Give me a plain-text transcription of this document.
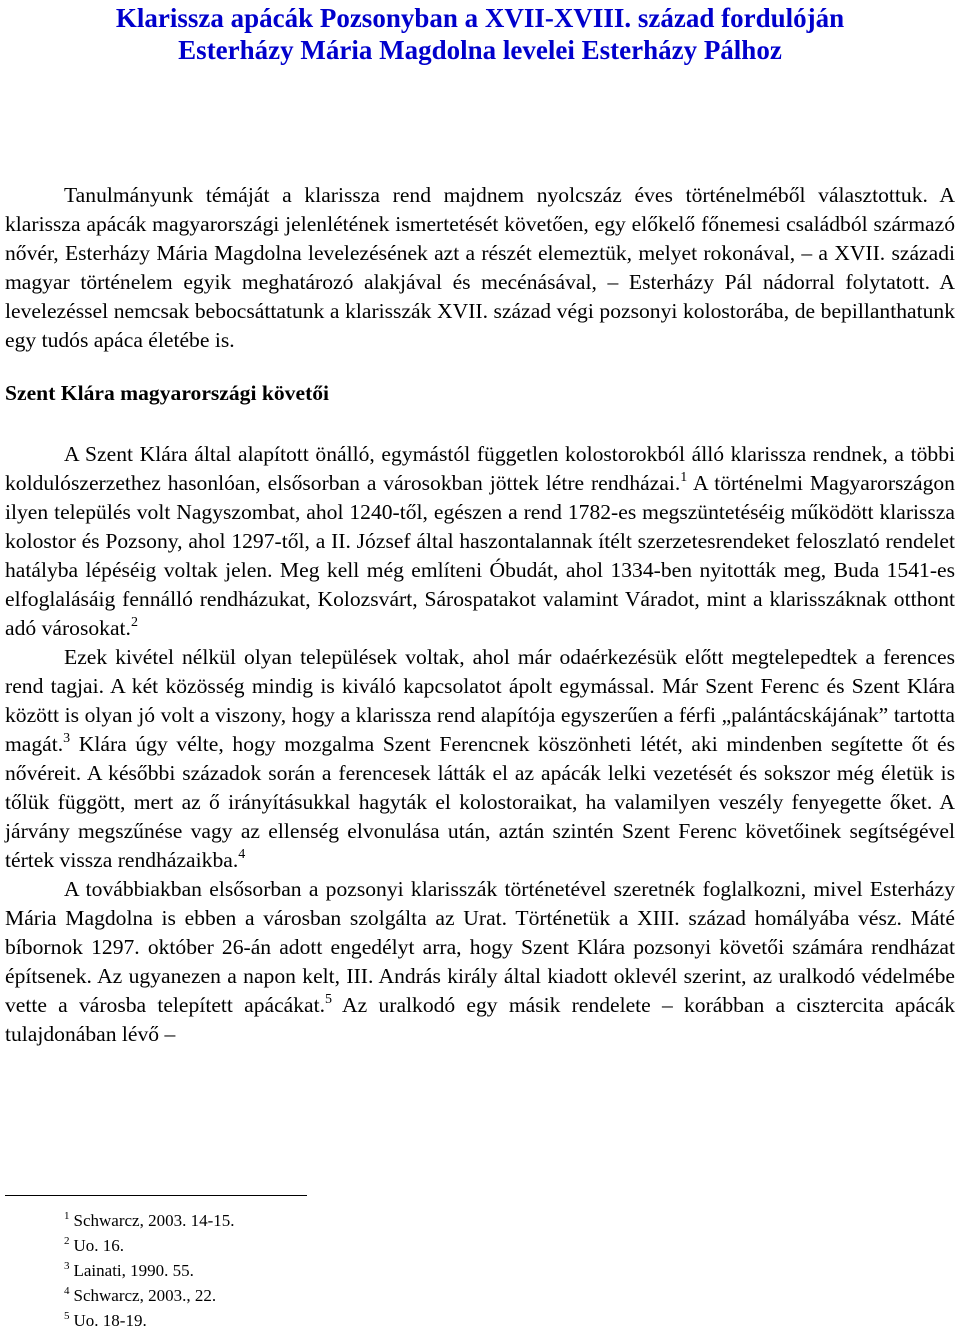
Klarissza apácák Pozsonyban a XVII-XVIII. század fordulóján
Esterházy Mária Magdolna levelei Esterházy Pálhoz

Tanulmányunk témáját a klarissza rend majdnem nyolcszáz éves történelméből választottuk. A klarissza apácák magyarországi jelenlétének ismertetését követően, egy előkelő főnemesi családból származó nővér, Esterházy Mária Magdolna levelezésének azt a részét elemeztük, melyet rokonával, – a XVII. századi magyar történelem egyik meghatározó alakjával és mecénásával, – Esterházy Pál nádorral folytatott. A levelezéssel nemcsak bebocsáttatunk a klarisszák XVII. század végi pozsonyi kolostorába, de bepillanthatunk egy tudós apáca életébe is.

Szent Klára magyarországi követői

A Szent Klára által alapított önálló, egymástól független kolostorokból álló klarissza rendnek, a többi koldulószerzethez hasonlóan, elsősorban a városokban jöttek létre rendházai.$^1$ A történelmi Magyarországon ilyen település volt Nagyszombat, ahol 1240-től, egészen a rend 1782-es megszüntetéséig működött klarissza kolostor és Pozsony, ahol 1297-től, a II. József által haszontalannak ítélt szerzetesrendeket feloszlató rendelet hatályba lépéséig voltak jelen. Meg kell még említeni Óbudát, ahol 1334-ben nyitották meg, Buda 1541-es elfoglalásáig fennálló rendházukat, Kolozsvárt, Sárospatakot valamint Váradot, mint a klarisszáknak otthont adó városokat.$^2$

Ezek kivétel nélkül olyan települések voltak, ahol már odaérkezésük előtt megtelepedtek a ferences rend tagjai. A két közösség mindig is kiváló kapcsolatot ápolt egymással. Már Szent Ferenc és Szent Klára között is olyan jó volt a viszony, hogy a klarissza rend alapítója egyszerűen a férfi „palántácskájának” tartotta magát.$^3$ Klára úgy vélte, hogy mozgalma Szent Ferencnek köszönheti létét, aki mindenben segítette őt és nővéreit. A későbbi századok során a ferencesek látták el az apácák lelki vezetését és sokszor még életük is tőlük függött, mert az ő irányításukkal hagyták el kolostoraikat, ha valamilyen veszély fenyegette őket. A járvány megszűnése vagy az ellenség elvonulása után, aztán szintén Szent Ferenc követőinek segítségével tértek vissza rendházaikba.$^4$

A továbbiakban elsősorban a pozsonyi klarisszák történetével szeretnék foglalkozni, mivel Esterházy Mária Magdolna is ebben a városban szolgálta az Urat. Történetük a XIII. század homályába vész. Máté bíbornok 1297. október 26-án adott engedélyt arra, hogy Szent Klára pozsonyi követői számára rendházat építsenek. Az ugyanezen a napon kelt, III. András király által kiadott oklevél szerint, az uralkodó védelmébe vette a városba telepített apácákat.$^5$ Az uralkodó egy másik rendelete – korábban a cisztercita apácák tulajdonában lévő –

$^1$ Schwarcz, 2003. 14-15.
$^2$ Uo. 16.
$^3$ Lainati, 1990. 55.
$^4$ Schwarcz, 2003., 22.
$^5$ Uo. 18-19.
